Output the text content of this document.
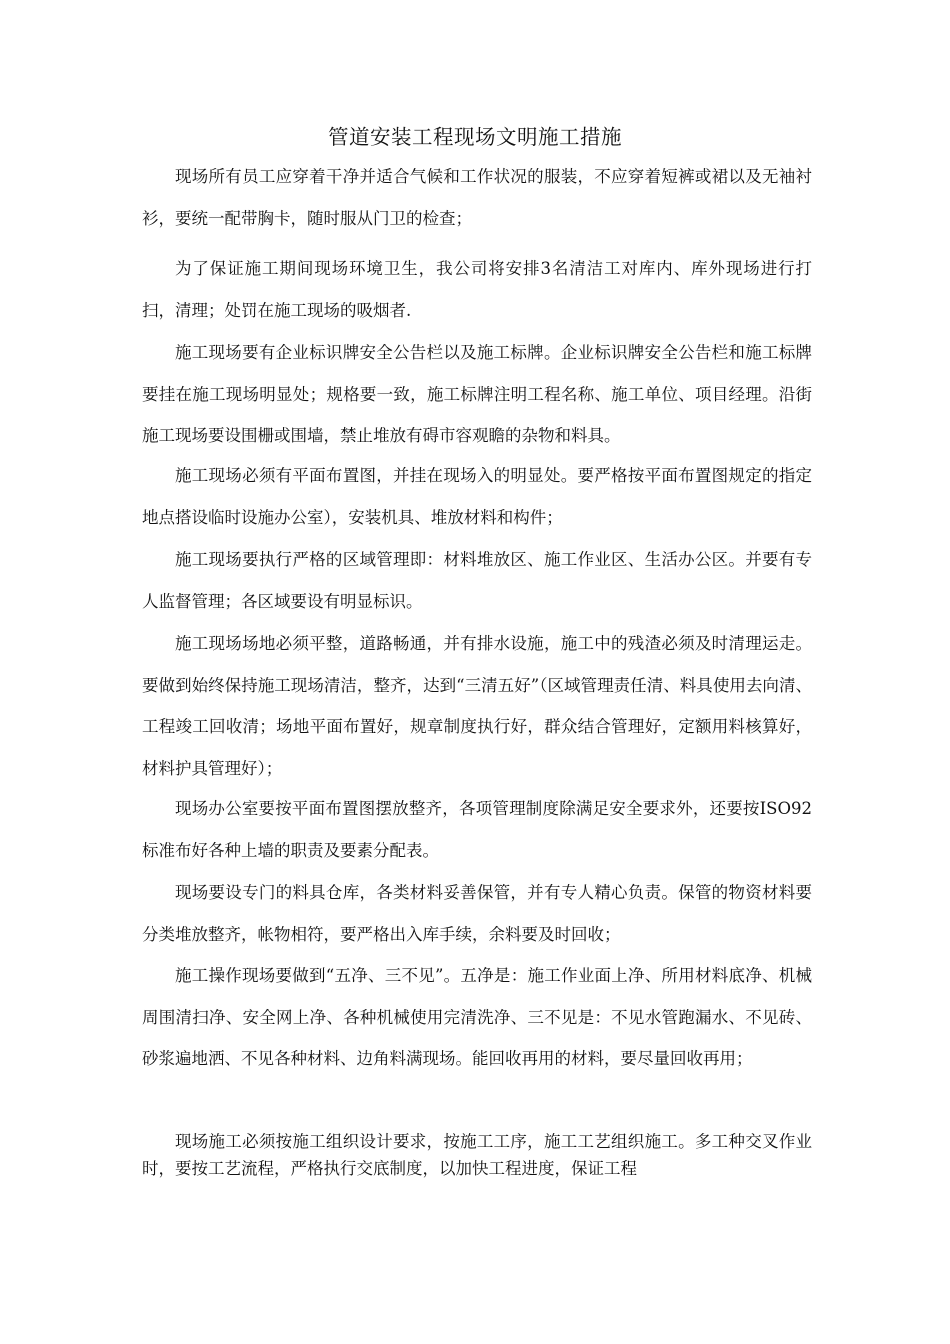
管道安装工程现场文明施工措施

现场所有员工应穿着干净并适合气候和工作状况的服装，不应穿着短裤或裙以及无袖衬衫，要统一配带胸卡，随时服从门卫的检查；

为了保证施工期间现场环境卫生，我公司将安排3名清洁工对库内、库外现场进行打扫，清理；处罚在施工现场的吸烟者.

施工现场要有企业标识牌安全公告栏以及施工标牌。企业标识牌安全公告栏和施工标牌要挂在施工现场明显处；规格要一致，施工标牌注明工程名称、施工单位、项目经理。沿街施工现场要设围栅或围墙，禁止堆放有碍市容观瞻的杂物和料具。

施工现场必须有平面布置图，并挂在现场入的明显处。要严格按平面布置图规定的指定地点搭设临时设施办公室），安装机具、堆放材料和构件；

施工现场要执行严格的区域管理即：材料堆放区、施工作业区、生活办公区。并要有专人监督管理；各区域要设有明显标识。

施工现场场地必须平整，道路畅通，并有排水设施，施工中的残渣必须及时清理运走。要做到始终保持施工现场清洁，整齐，达到“三清五好”（区域管理责任清、料具使用去向清、工程竣工回收清；场地平面布置好，规章制度执行好，群众结合管理好，定额用料核算好，材料护具管理好）；

现场办公室要按平面布置图摆放整齐，各项管理制度除满足安全要求外，还要按ISO92标准布好各种上墙的职责及要素分配表。

现场要设专门的料具仓库，各类材料妥善保管，并有专人精心负责。保管的物资材料要分类堆放整齐，帐物相符，要严格出入库手续，余料要及时回收；

施工操作现场要做到“五净、三不见”。五净是：施工作业面上净、所用材料底净、机械周围清扫净、安全网上净、各种机械使用完清洗净、三不见是：不见水管跑漏水、不见砖、砂浆遍地洒、不见各种材料、边角料满现场。能回收再用的材料，要尽量回收再用；

现场施工必须按施工组织设计要求，按施工工序，施工工艺组织施工。多工种交叉作业时，要按工艺流程，严格执行交底制度，以加快工程进度，保证工程
